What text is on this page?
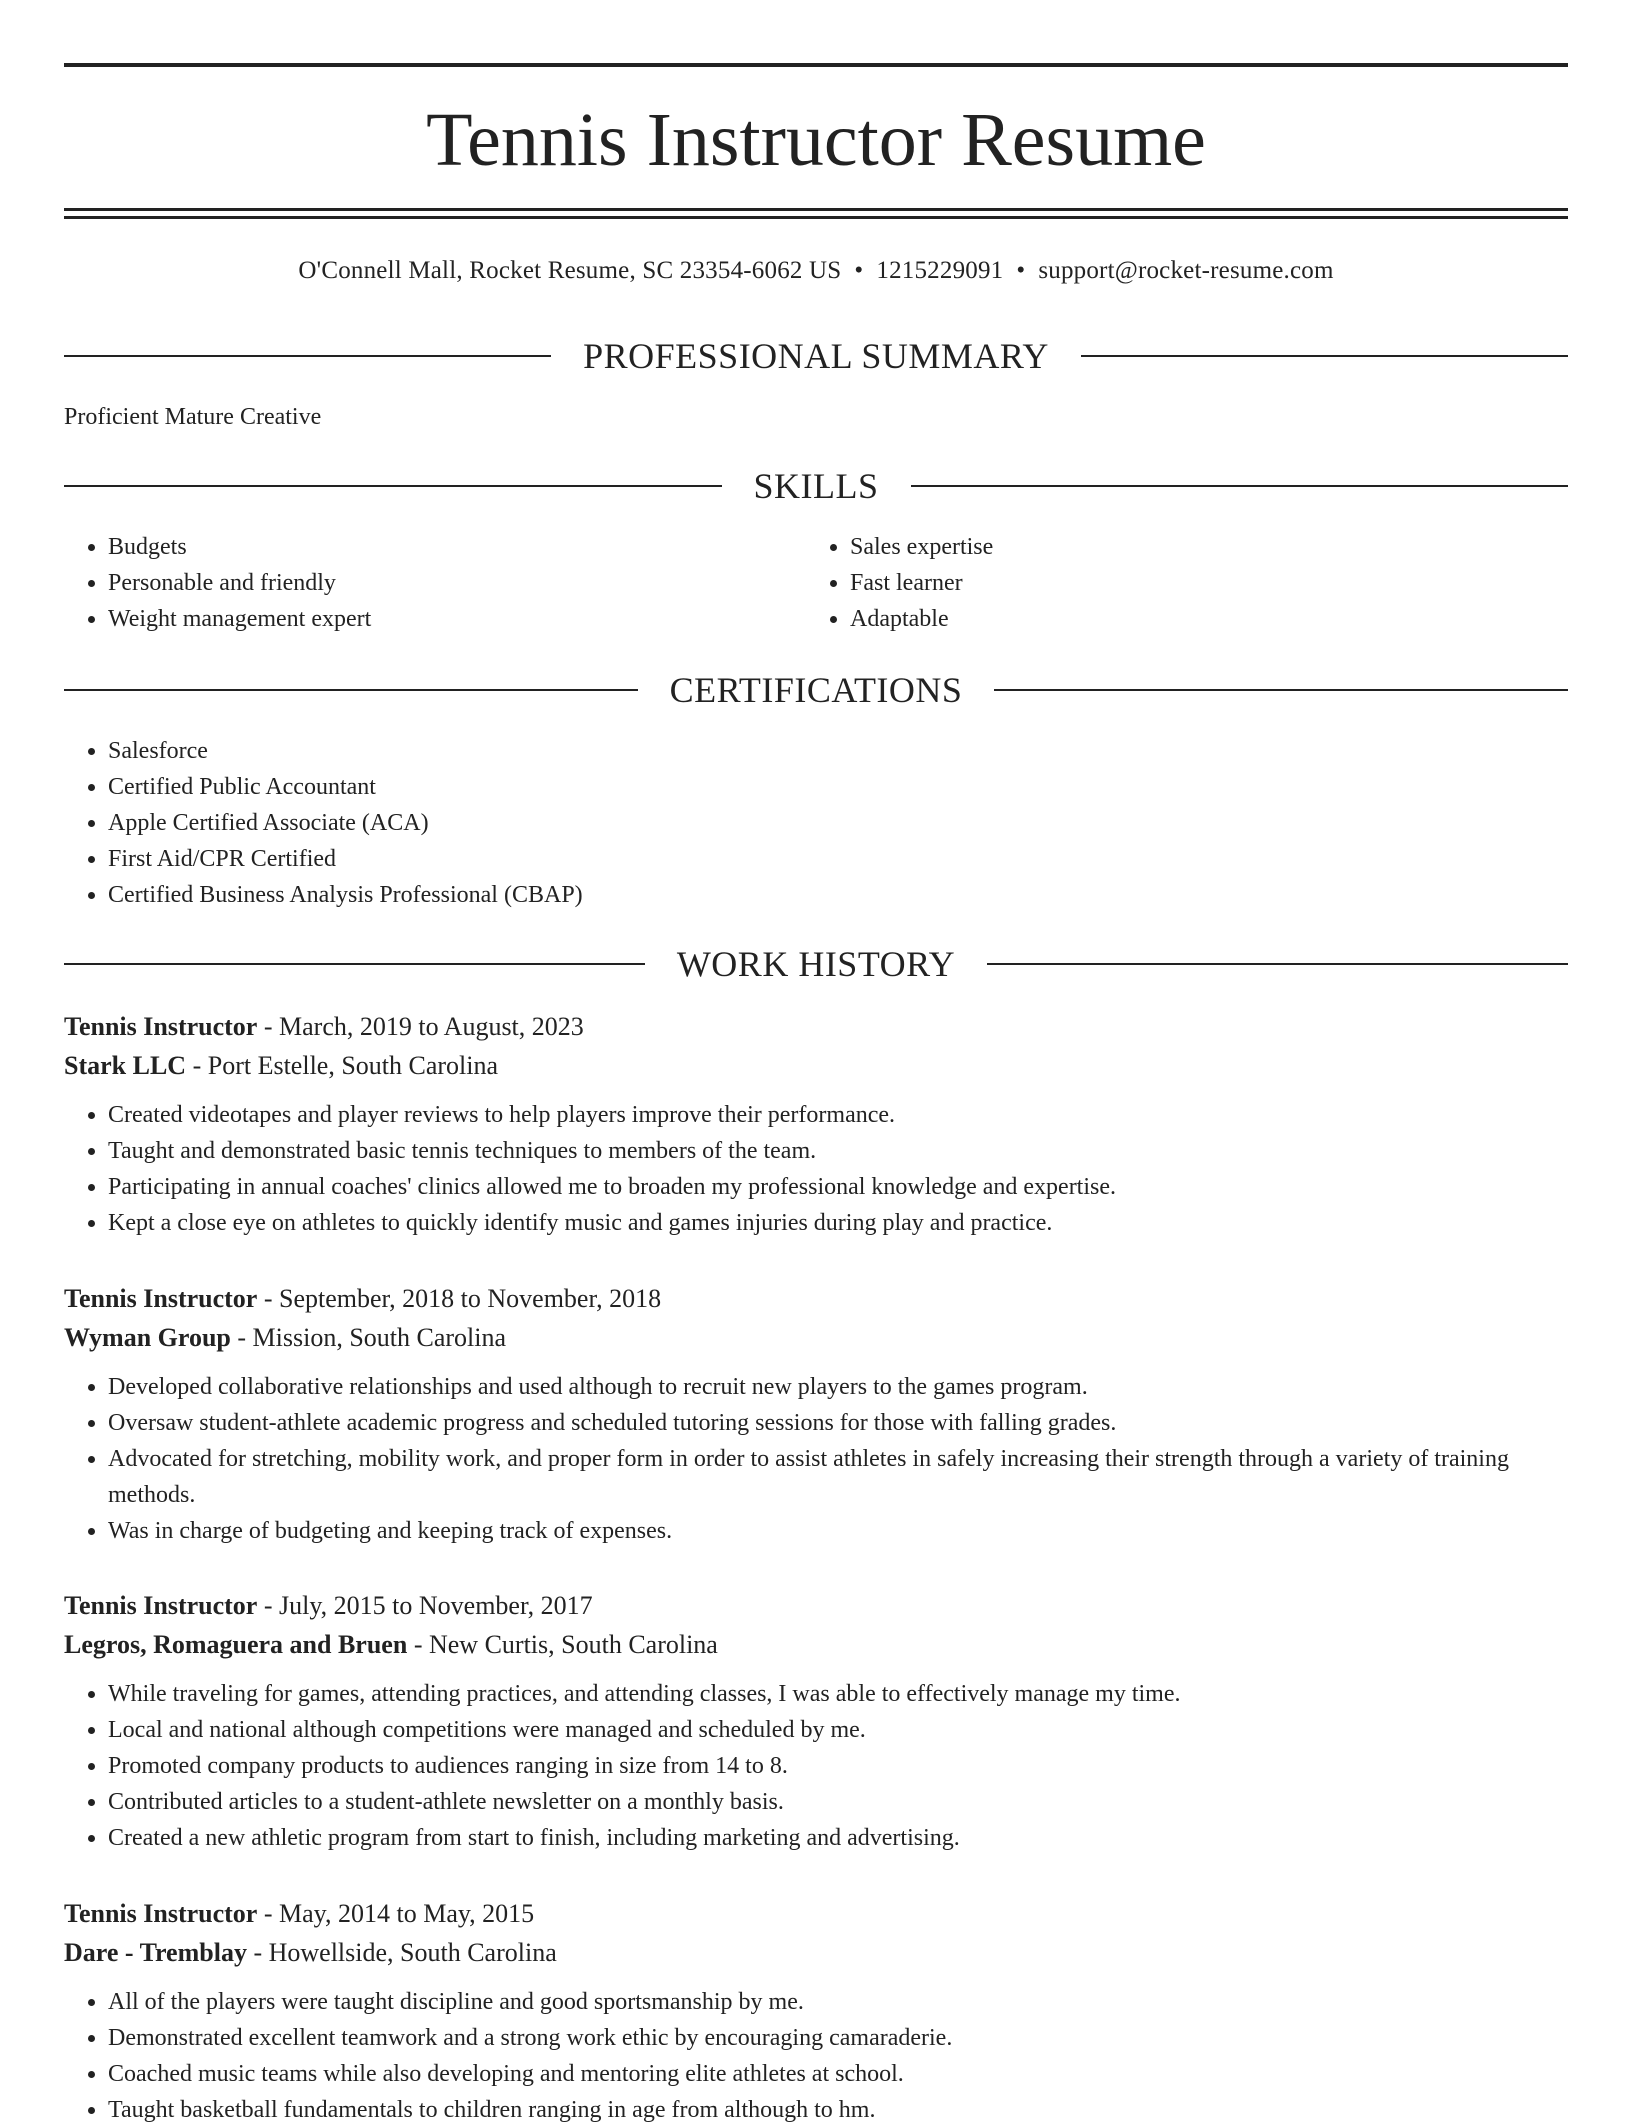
Tennis Instructor Resume
O'Connell Mall, Rocket Resume, SC 23354-6062 US • 1215229091 • support@rocket-resume.com
PROFESSIONAL SUMMARY
Proficient Mature Creative
SKILLS
• Budgets
• Personable and friendly
• Weight management expert
• Sales expertise
• Fast learner
• Adaptable
CERTIFICATIONS
• Salesforce
• Certified Public Accountant
• Apple Certified Associate (ACA)
• First Aid/CPR Certified
• Certified Business Analysis Professional (CBAP)
WORK HISTORY
Tennis Instructor - March, 2019 to August, 2023
Stark LLC - Port Estelle, South Carolina
• Created videotapes and player reviews to help players improve their performance.
• Taught and demonstrated basic tennis techniques to members of the team.
• Participating in annual coaches' clinics allowed me to broaden my professional knowledge and expertise.
• Kept a close eye on athletes to quickly identify music and games injuries during play and practice.
Tennis Instructor - September, 2018 to November, 2018
Wyman Group - Mission, South Carolina
• Developed collaborative relationships and used although to recruit new players to the games program.
• Oversaw student-athlete academic progress and scheduled tutoring sessions for those with falling grades.
• Advocated for stretching, mobility work, and proper form in order to assist athletes in safely increasing their strength through a variety of training methods.
• Was in charge of budgeting and keeping track of expenses.
Tennis Instructor - July, 2015 to November, 2017
Legros, Romaguera and Bruen - New Curtis, South Carolina
• While traveling for games, attending practices, and attending classes, I was able to effectively manage my time.
• Local and national although competitions were managed and scheduled by me.
• Promoted company products to audiences ranging in size from 14 to 8.
• Contributed articles to a student-athlete newsletter on a monthly basis.
• Created a new athletic program from start to finish, including marketing and advertising.
Tennis Instructor - May, 2014 to May, 2015
Dare - Tremblay - Howellside, South Carolina
• All of the players were taught discipline and good sportsmanship by me.
• Demonstrated excellent teamwork and a strong work ethic by encouraging camaraderie.
• Coached music teams while also developing and mentoring elite athletes at school.
• Taught basketball fundamentals to children ranging in age from although to hm.
